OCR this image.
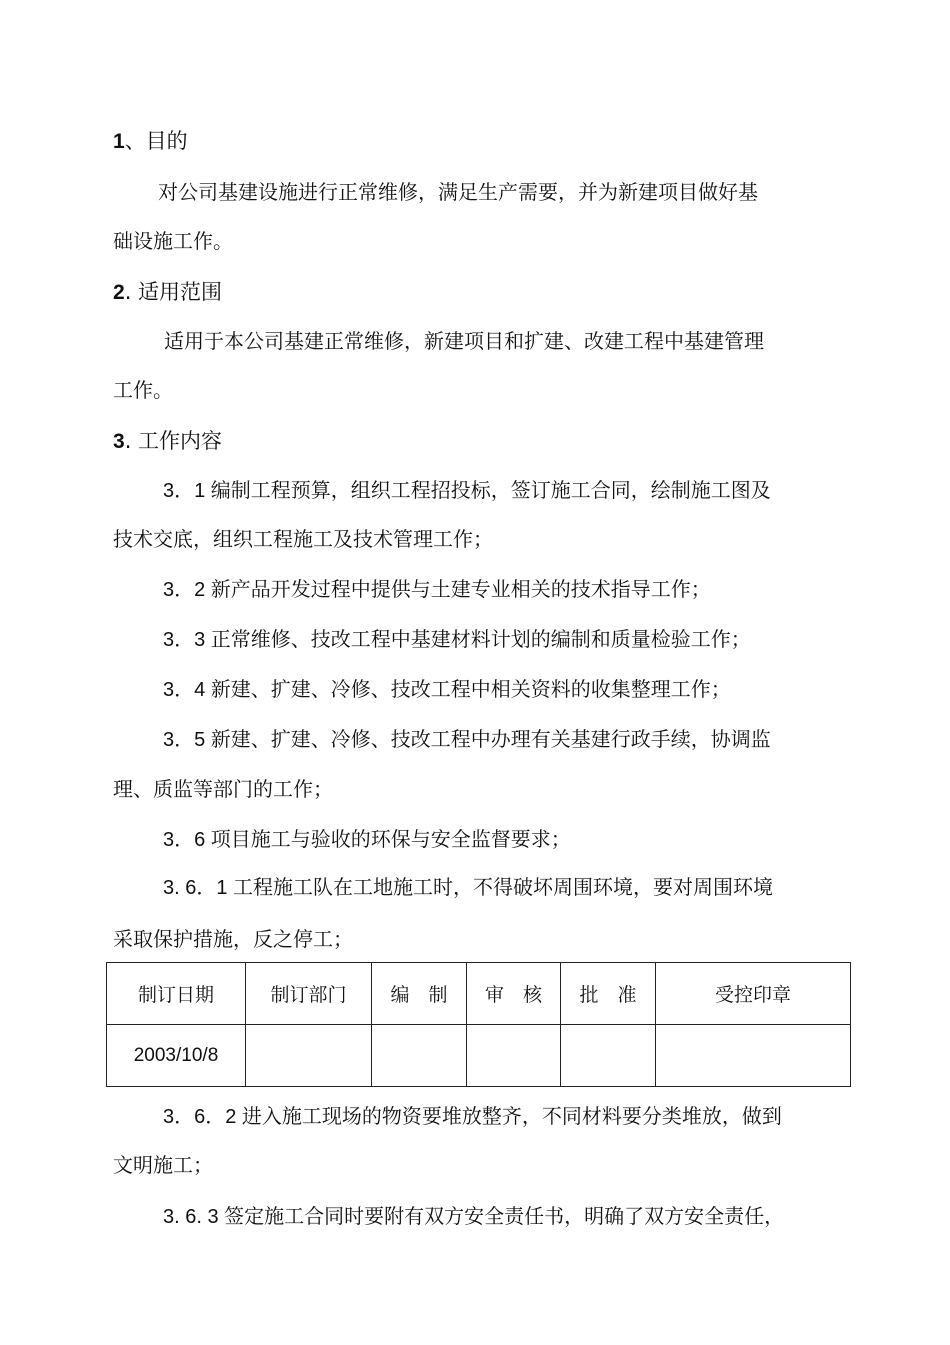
1、目的
对公司基建设施进行正常维修，满足生产需要，并为新建项目做好基
础设施工作。
2. 适用范围
适用于本公司基建正常维修，新建项目和扩建、改建工程中基建管理
工作。
3. 工作内容
3．1 编制工程预算，组织工程招投标，签订施工合同，绘制施工图及
技术交底，组织工程施工及技术管理工作；
3．2 新产品开发过程中提供与土建专业相关的技术指导工作；
3．3 正常维修、技改工程中基建材料计划的编制和质量检验工作；
3．4 新建、扩建、冷修、技改工程中相关资料的收集整理工作；
3．5 新建、扩建、冷修、技改工程中办理有关基建行政手续，协调监
理、质监等部门的工作；
3．6 项目施工与验收的环保与安全监督要求；
3. 6．1 工程施工队在工地施工时，不得破坏周围环境，要对周围环境
采取保护措施，反之停工；
制订日期	制订部门	编　制	审　核	批　准	受控印章
2003/10/8					
3．6．2 进入施工现场的物资要堆放整齐，不同材料要分类堆放，做到
文明施工；
3. 6. 3 签定施工合同时要附有双方安全责任书，明确了双方安全责任，
